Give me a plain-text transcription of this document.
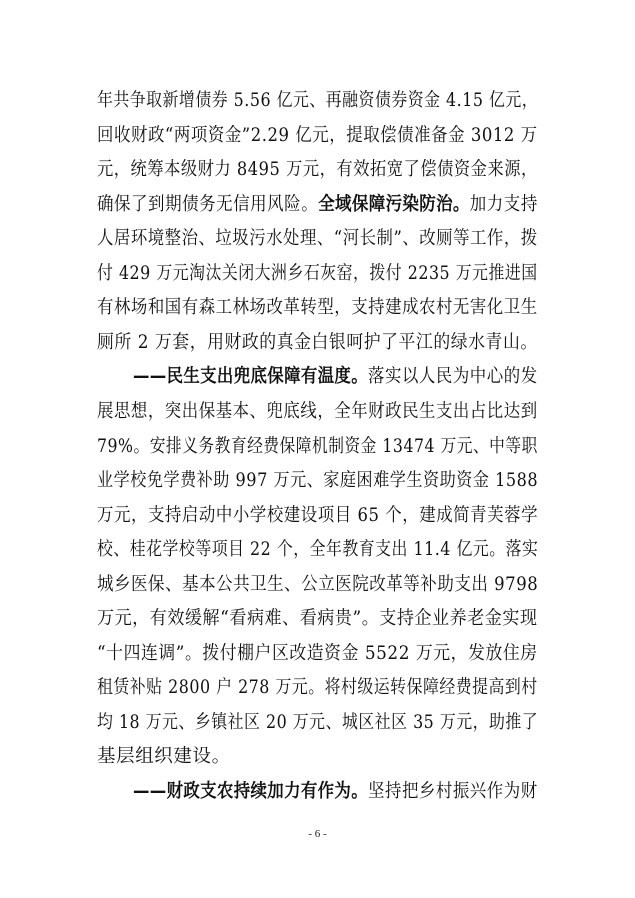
年共争取新增债券 5.56 亿元、再融资债券资金 4.15 亿元，
回收财政“两项资金”2.29 亿元，提取偿债准备金 3012 万
元，统筹本级财力 8495 万元，有效拓宽了偿债资金来源，
确保了到期债务无信用风险。全域保障污染防治。加力支持
人居环境整治、垃圾污水处理、“河长制”、改厕等工作，拨
付 429 万元淘汰关闭大洲乡石灰窑，拨付 2235 万元推进国
有林场和国有森工林场改革转型，支持建成农村无害化卫生
厕所 2 万套，用财政的真金白银呵护了平江的绿水青山。
——民生支出兜底保障有温度。落实以人民为中心的发
展思想，突出保基本、兜底线，全年财政民生支出占比达到
79%。安排义务教育经费保障机制资金 13474 万元、中等职
业学校免学费补助 997 万元、家庭困难学生资助资金 1588
万元，支持启动中小学校建设项目 65 个，建成简青芙蓉学
校、桂花学校等项目 22 个，全年教育支出 11.4 亿元。落实
城乡医保、基本公共卫生、公立医院改革等补助支出 9798
万元，有效缓解“看病难、看病贵”。支持企业养老金实现
“十四连调”。拨付棚户区改造资金 5522 万元，发放住房
租赁补贴 2800 户 278 万元。将村级运转保障经费提高到村
均 18 万元、乡镇社区 20 万元、城区社区 35 万元，助推了
基层组织建设。
——财政支农持续加力有作为。坚持把乡村振兴作为财
- 6 -
